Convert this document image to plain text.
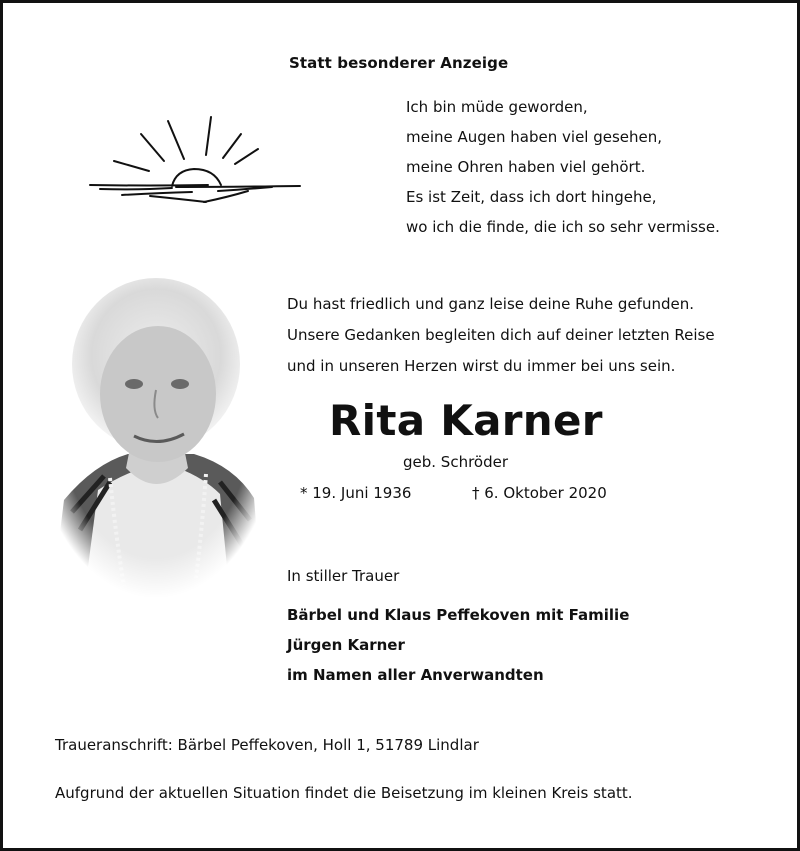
Statt besonderer Anzeige
Ich bin müde geworden,
meine Augen haben viel gesehen,
meine Ohren haben viel gehört.
Es ist Zeit, dass ich dort hingehe,
wo ich die finde, die ich so sehr vermisse.
Du hast friedlich und ganz leise deine Ruhe gefunden.
Unsere Gedanken begleiten dich auf deiner letzten Reise
und in unseren Herzen wirst du immer bei uns sein.
Rita Karner
geb. Schröder
* 19. Juni 1936	† 6. Oktober 2020
In stiller Trauer
Bärbel und Klaus Peffekoven mit Familie
Jürgen Karner
im Namen aller Anverwandten
Traueranschrift: Bärbel Peffekoven, Holl 1, 51789 Lindlar
Aufgrund der aktuellen Situation findet die Beisetzung im kleinen Kreis statt.
